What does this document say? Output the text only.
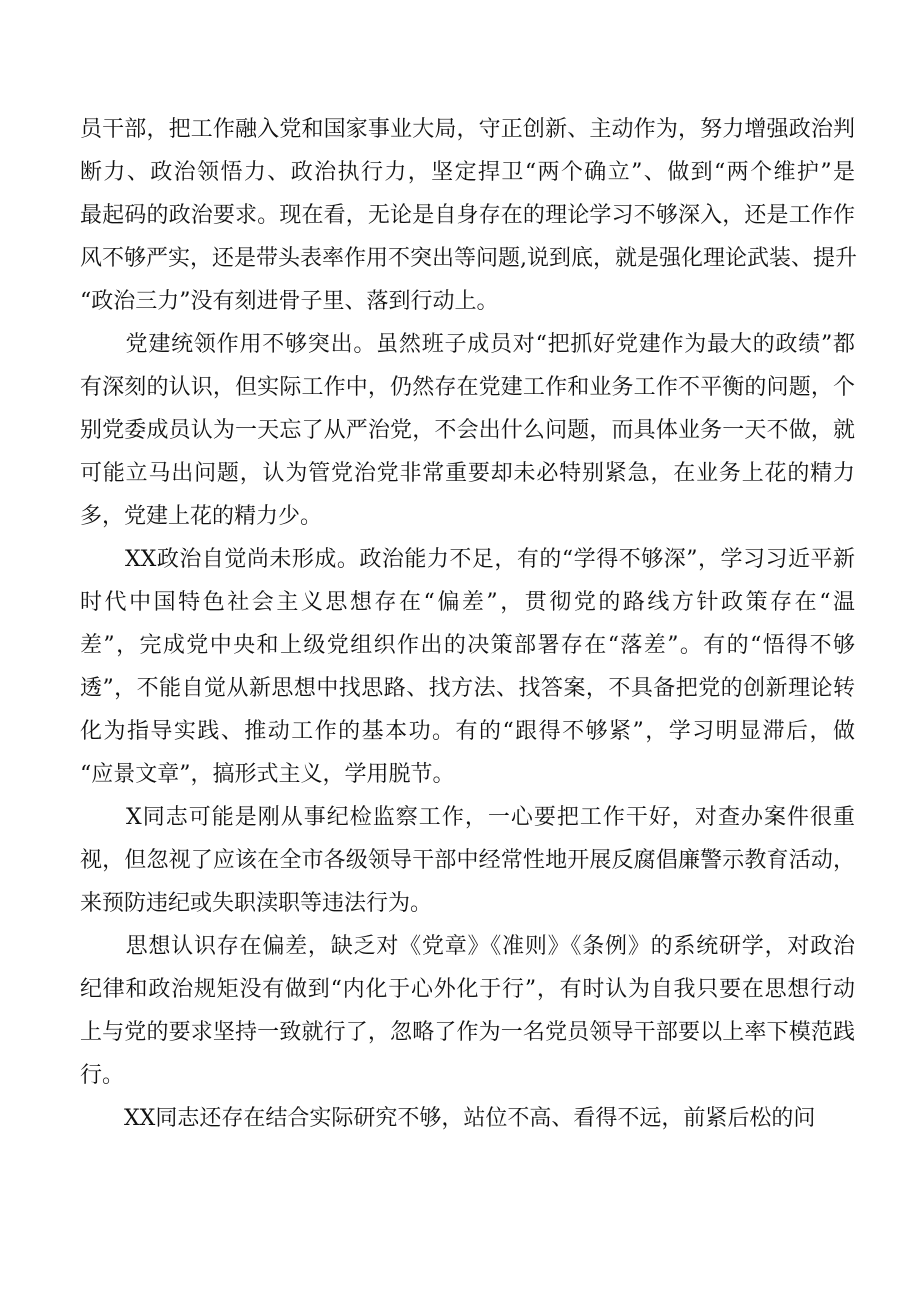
员干部，把工作融入党和国家事业大局，守正创新、主动作为，努力增强政治判
断力、政治领悟力、政治执行力，坚定捍卫“两个确立”、做到“两个维护”是
最起码的政治要求。现在看，无论是自身存在的理论学习不够深入，还是工作作
风不够严实，还是带头表率作用不突出等问题,说到底，就是强化理论武装、提升
“政治三力”没有刻进骨子里、落到行动上。
　　党建统领作用不够突出。虽然班子成员对“把抓好党建作为最大的政绩”都
有深刻的认识，但实际工作中，仍然存在党建工作和业务工作不平衡的问题，个
别党委成员认为一天忘了从严治党，不会出什么问题，而具体业务一天不做，就
可能立马出问题，认为管党治党非常重要却未必特别紧急，在业务上花的精力
多，党建上花的精力少。
　　XX政治自觉尚未形成。政治能力不足，有的“学得不够深”，学习习近平新
时代中国特色社会主义思想存在“偏差”，贯彻党的路线方针政策存在“温
差”，完成党中央和上级党组织作出的决策部署存在“落差”。有的“悟得不够
透”，不能自觉从新思想中找思路、找方法、找答案，不具备把党的创新理论转
化为指导实践、推动工作的基本功。有的“跟得不够紧”，学习明显滞后，做
“应景文章”，搞形式主义，学用脱节。
　　X同志可能是刚从事纪检监察工作，一心要把工作干好，对查办案件很重
视，但忽视了应该在全市各级领导干部中经常性地开展反腐倡廉警示教育活动，
来预防违纪或失职渎职等违法行为。
　　思想认识存在偏差，缺乏对《党章》《准则》《条例》的系统研学，对政治
纪律和政治规矩没有做到“内化于心外化于行”，有时认为自我只要在思想行动
上与党的要求坚持一致就行了，忽略了作为一名党员领导干部要以上率下模范践
行。
　　XX同志还存在结合实际研究不够，站位不高、看得不远，前紧后松的问
